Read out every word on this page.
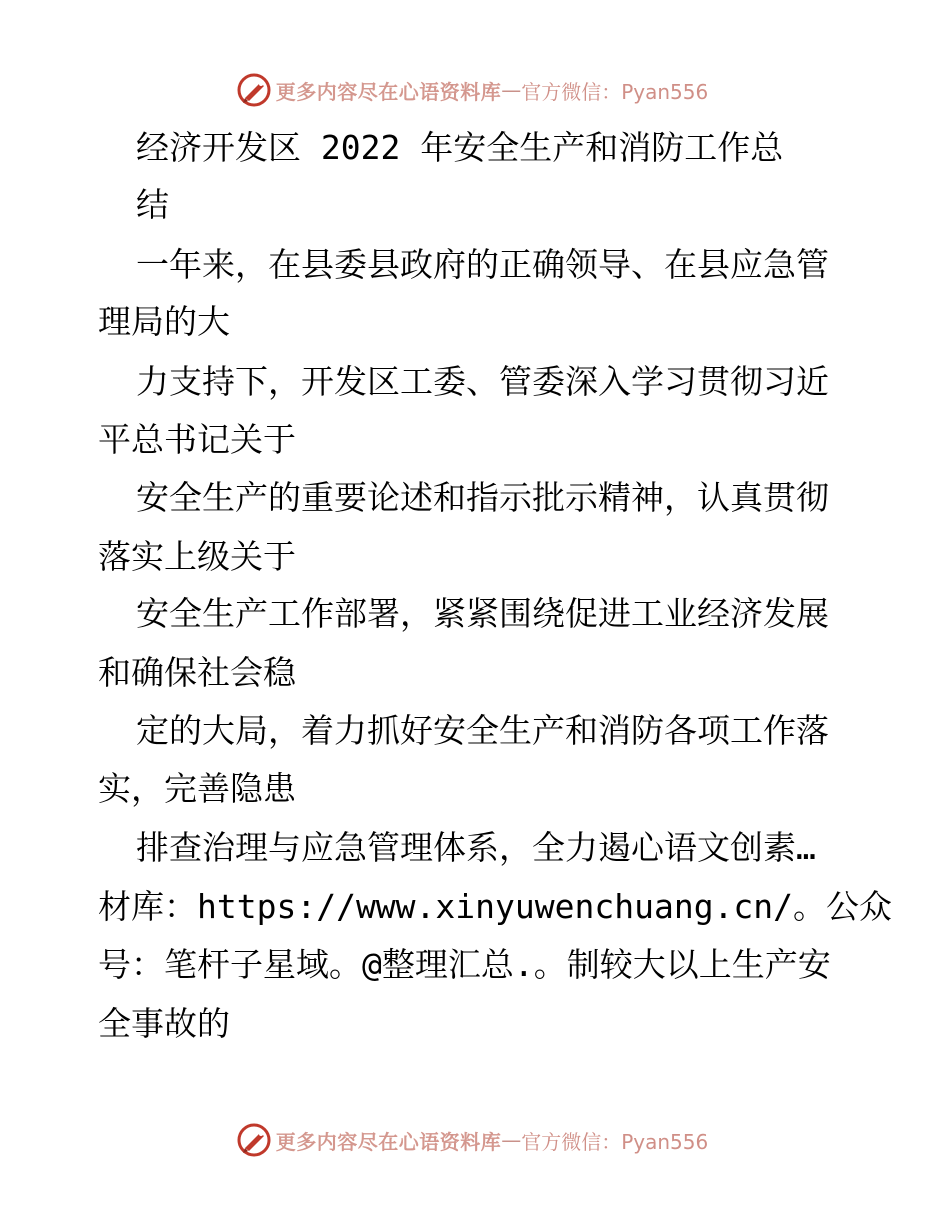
更多内容尽在心语资料库 — 官方微信：Pyan556
经济开发区 2022 年安全生产和消防工作总
结
一年来，在县委县政府的正确领导、在县应急管
理局的大
力支持下，开发区工委、管委深入学习贯彻习近
平总书记关于
安全生产的重要论述和指示批示精神，认真贯彻
落实上级关于
安全生产工作部署，紧紧围绕促进工业经济发展
和确保社会稳
定的大局，着力抓好安全生产和消防各项工作落
实，完善隐患
排查治理与应急管理体系，全力遏心语文创素…
材库：https://www.xinyuwenchuang.cn/。公众
号：笔杆子星域。@整理汇总.。制较大以上生产安
全事故的
更多内容尽在心语资料库 — 官方微信：Pyan556
